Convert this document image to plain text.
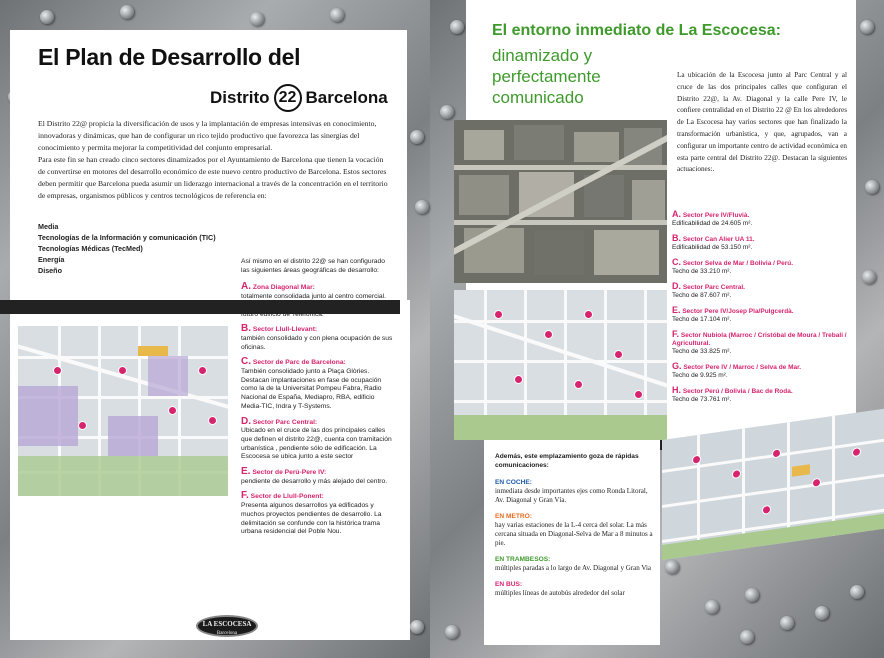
El Plan de Desarrollo del
Distrito 22 Barcelona

El Distrito 22@ propicia la diversificación de usos y la implantación de empresas intensivas en conocimiento, innovadoras y dinámicas, que han de configurar un rico tejido productivo que favorezca las sinergias del conocimiento y permita mejorar la competitividad del conjunto empresarial.

Para este fin se han creado cinco sectores dinamizados por el Ayuntamiento de Barcelona que tienen la vocación de convertirse en motores del desarrollo económico de este nuevo centro productivo de Barcelona. Estos sectores deben permitir que Barcelona pueda asumir un liderazgo internacional a través de la concentración en el territorio de empresas, organismos públicos y centros tecnológicos de referencia en:

Media
Tecnologías de la Información y comunicación (TIC)
Tecnologías Médicas (TecMed)
Energía
Diseño

Así mismo en el distrito 22@ se han configurado las siguientes áreas geográficas de desarrollo:

A. Zona Diagonal Mar:
totalmente consolidada junto al centro comercial. Destacan entre otros los edificios del Forum y el futuro edificio de Telefónica.
B. Sector Llull-Llevant:
también consolidado y con plena ocupación de sus oficinas.
C. Sector de Parc de Barcelona:
También consolidado junto a Plaça Glòries. Destacan implantaciones en fase de ocupación como la de la Universitat Pompeu Fabra, Radio Nacional de España, Mediapro, RBA, edificio Media-TIC, Indra y T-Systems.
D. Sector Parc Central:
Ubicado en el cruce de las dos principales calles que definen el distrito 22@, cuenta con tramitación urbanística , pendiente sólo de edificación. La Escocesa se ubica junto a este sector
E. Sector de Perú-Pere IV:
pendiente de desarrollo y más alejado del centro.
F. Sector de Llull-Ponent:
Presenta algunos desarrollos ya edificados y muchos proyectos pendientes de desarrollo. La delimitación se confunde con la histórica trama urbana residencial del Poble Nou.
LA ESCOCESA
Barcelona
El entorno inmediato de La Escocesa:
dinamizado y
perfectamente
comunicado

La ubicación de la Escocesa junto al Parc Central y al cruce de las dos principales calles que configuran el Distrito 22@, la Av. Diagonal y la calle Pere IV, le confiere centralidad en el Distrito 22 @ En los alrededores de La Escocesa hay varios sectores que han finalizado la transformación urbanística, y que, agrupados, van a configurar un importante centro de actividad económica en esta parte central del Distrito 22@. Destacan la siguientes actuaciones:.

A. Sector Pere IV/Fluvià.
Edificabilidad de 24.605 m².
B. Sector Can Alier UA 11.
Edificabilidad de 53.150 m².
C. Sector Selva de Mar / Bolivia / Perú.
Techo de 33.210 m².
D. Sector Parc Central.
Techo de 87.607 m².
E. Sector Pere IV/Josep Pla/Pulgcerdà.
Techo de 17.104 m².
F. Sector Nubiola (Marroc / Cristóbal de Moura / Trebali / Agricultural.
Techo de 33.825 m².
G. Sector Pere IV / Marroc / Selva de Mar.
Techo de 9.925 m².
H. Sector Perú / Bolivia / Bac de Roda.
Techo de 73.761 m².

Además, este emplazamiento goza de rápidas comunicaciones:

EN COCHE:
inmediata desde importantes ejes como Ronda Litoral, Av. Diagonal y Gran Vía.
EN METRO:
hay varias estaciones de la L-4 cerca del solar. La más cercana situada en Diagonal-Selva de Mar a 8 minutos a pie.
EN TRAMBESOS:
múltiples paradas a lo largo de Av. Diagonal y Gran Via
EN BUS:
múltiples líneas de autobús alrededor del solar
